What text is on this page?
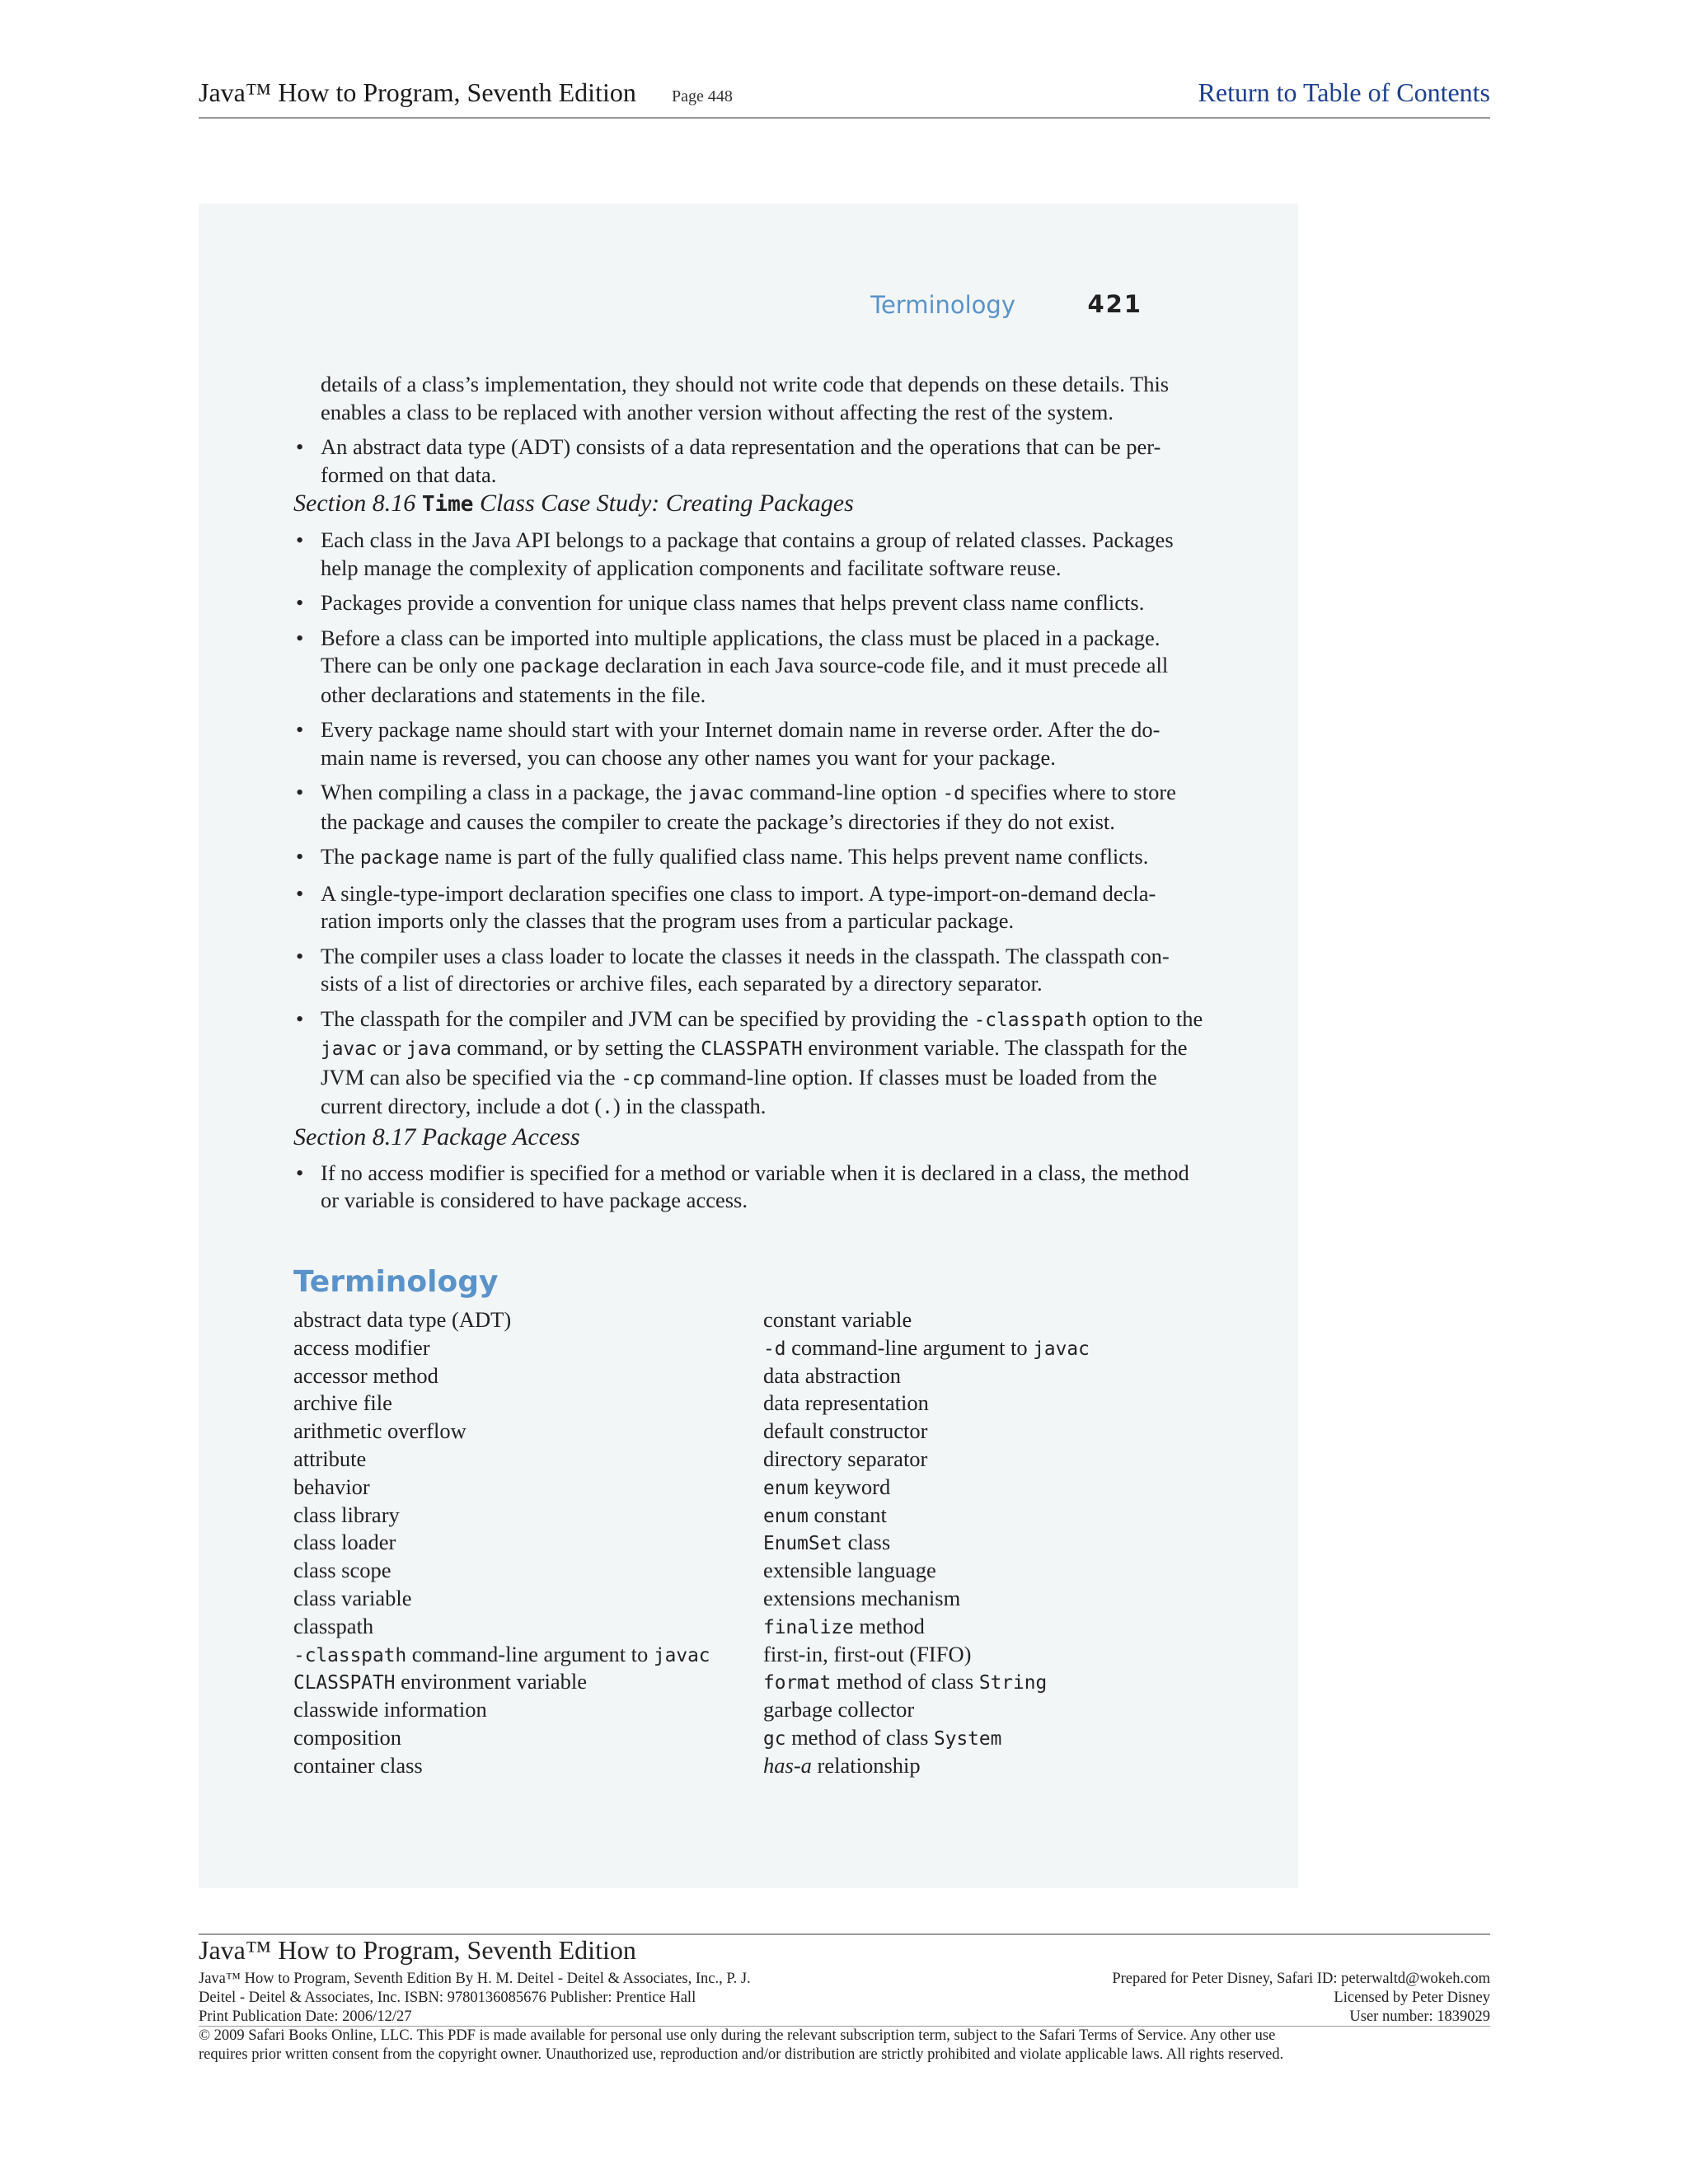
Java™ How to Program, Seventh Edition Page 448	Return to Table of Contents
Terminology	421

details of a class’s implementation, they should not write code that depends on these details. This enables a class to be replaced with another version without affecting the rest of the system.

• An abstract data type (ADT) consists of a data representation and the operations that can be per- formed on that data.

Section 8.16 Time Class Case Study: Creating Packages

• Each class in the Java API belongs to a package that contains a group of related classes. Packages help manage the complexity of application components and facilitate software reuse.
• Packages provide a convention for unique class names that helps prevent class name conflicts.
• Before a class can be imported into multiple applications, the class must be placed in a package. There can be only one package declaration in each Java source-code file, and it must precede all other declarations and statements in the file.
• Every package name should start with your Internet domain name in reverse order. After the do- main name is reversed, you can choose any other names you want for your package.
• When compiling a class in a package, the javac command-line option -d specifies where to store the package and causes the compiler to create the package’s directories if they do not exist.
• The package name is part of the fully qualified class name. This helps prevent name conflicts.
• A single-type-import declaration specifies one class to import. A type-import-on-demand decla- ration imports only the classes that the program uses from a particular package.
• The compiler uses a class loader to locate the classes it needs in the classpath. The classpath con- sists of a list of directories or archive files, each separated by a directory separator.
• The classpath for the compiler and JVM can be specified by providing the -classpath option to the javac or java command, or by setting the CLASSPATH environment variable. The classpath for the JVM can also be specified via the -cp command-line option. If classes must be loaded from the current directory, include a dot (.) in the classpath.

Section 8.17 Package Access

• If no access modifier is specified for a method or variable when it is declared in a class, the method or variable is considered to have package access.
Terminology
abstract data type (ADT)
access modifier
accessor method
archive file
arithmetic overflow
attribute
behavior
class library
class loader
class scope
class variable
classpath
-classpath command-line argument to javac
CLASSPATH environment variable
classwide information
composition
container class
constant variable
-d command-line argument to javac
data abstraction
data representation
default constructor
directory separator
enum keyword
enum constant
EnumSet class
extensible language
extensions mechanism
finalize method
first-in, first-out (FIFO)
format method of class String
garbage collector
gc method of class System
has-a relationship
Java™ How to Program, Seventh Edition
Java™ How to Program, Seventh Edition By H. M. Deitel - Deitel & Associates, Inc., P. J.
Deitel - Deitel & Associates, Inc. ISBN: 9780136085676 Publisher: Prentice Hall
Print Publication Date: 2006/12/27
Prepared for Peter Disney, Safari ID: peterwaltd@wokeh.com
Licensed by Peter Disney
User number: 1839029
© 2009 Safari Books Online, LLC. This PDF is made available for personal use only during the relevant subscription term, subject to the Safari Terms of Service. Any other use
requires prior written consent from the copyright owner. Unauthorized use, reproduction and/or distribution are strictly prohibited and violate applicable laws. All rights reserved.
